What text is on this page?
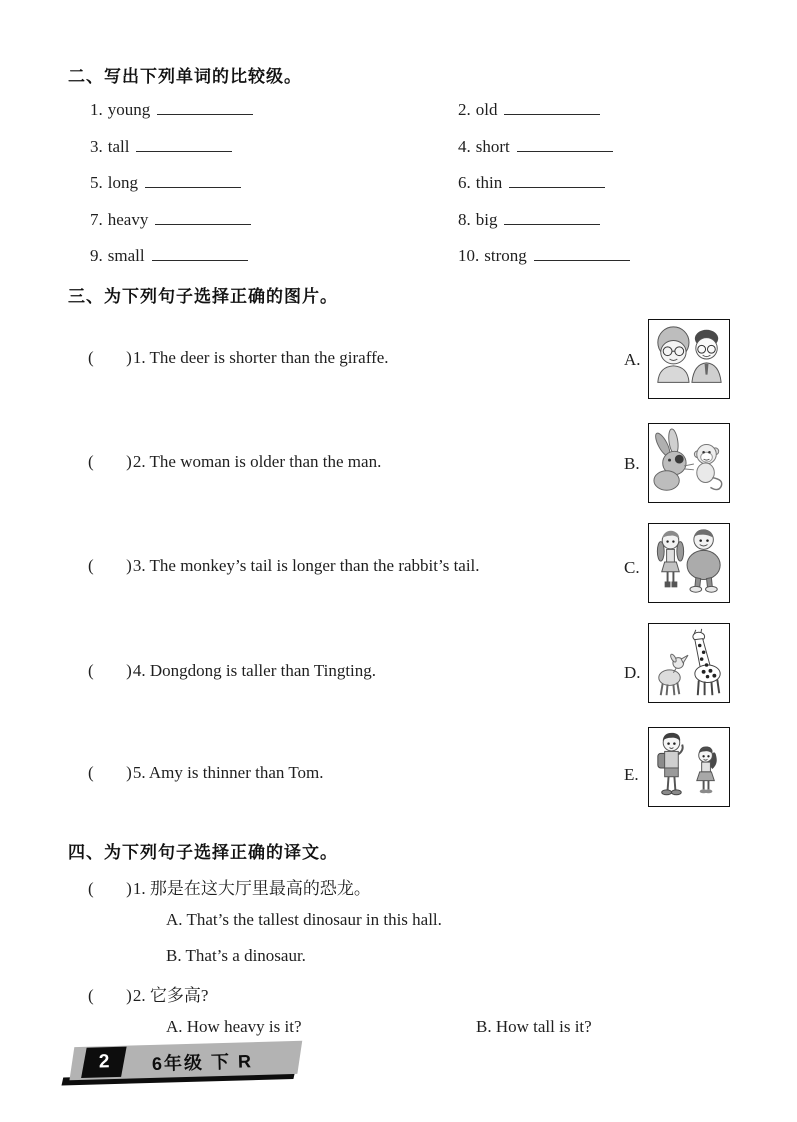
二、写出下列单词的比较级。
1. young	2. old
3. tall	4. short
5. long	6. thin
7. heavy	8. big
9. small	10. strong
三、为下列句子选择正确的图片。
(      )1. The deer is shorter than the giraffe.
(      )2. The woman is older than the man.
(      )3. The monkey’s tail is longer than the rabbit’s tail.
(      )4. Dongdong is taller than Tingting.
(      )5. Amy is thinner than Tom.
A.
B.
C.
D.
E.
四、为下列句子选择正确的译文。
(      )1. 那是在这大厅里最高的恐龙。
A. That’s the tallest dinosaur in this hall.
B. That’s a dinosaur.
(      )2. 它多高?
A. How heavy is it?	B. How tall is it?
2 6年级 下 R
